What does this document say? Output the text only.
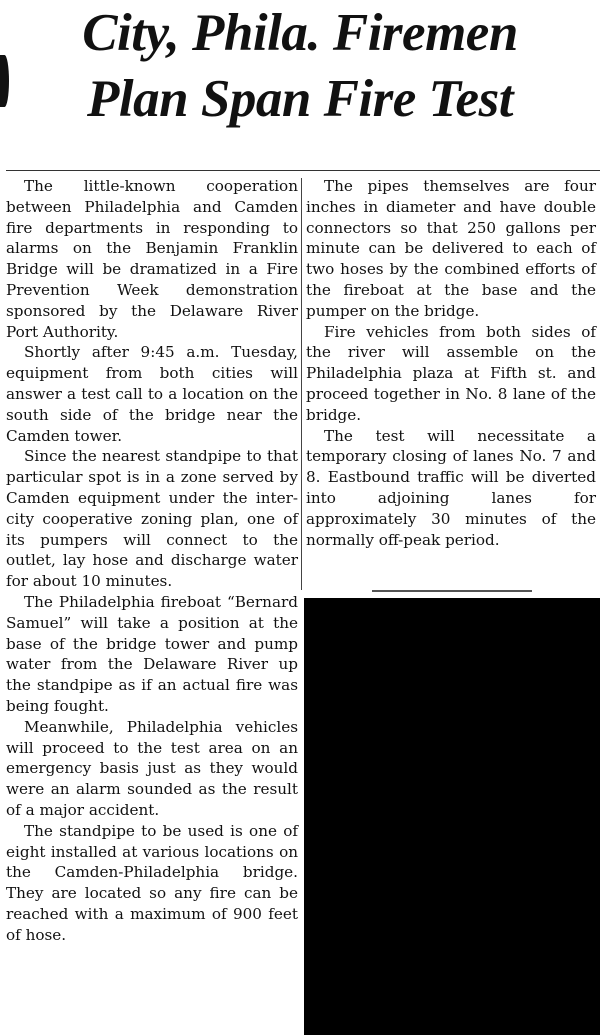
City, Phila. Firemen
Plan Span Fire Test

The little-known cooperation between Philadelphia and Camden fire departments in responding to alarms on the Benjamin Franklin Bridge will be dramatized in a Fire Prevention Week demonstration sponsored by the Delaware River Port Authority.

Shortly after 9:45 a.m. Tuesday, equipment from both cities will answer a test call to a location on the south side of the bridge near the Camden tower.

Since the nearest standpipe to that particular spot is in a zone served by Camden equipment under the inter-city cooperative zoning plan, one of its pumpers will connect to the outlet, lay hose and discharge water for about 10 minutes.

The Philadelphia fireboat “Bernard Samuel” will take a position at the base of the bridge tower and pump water from the Delaware River up the standpipe as if an actual fire was being fought.

Meanwhile, Philadelphia vehicles will proceed to the test area on an emergency basis just as they would were an alarm sounded as the result of a major accident.

The standpipe to be used is one of eight installed at various locations on the Camden-Philadelphia bridge. They are located so any fire can be reached with a maximum of 900 feet of hose.

The pipes themselves are four inches in diameter and have double connectors so that 250 gallons per minute can be delivered to each of two hoses by the combined efforts of the fireboat at the base and the pumper on the bridge.

Fire vehicles from both sides of the river will assemble on the Philadelphia plaza at Fifth st. and proceed together in No. 8 lane of the bridge.

The test will necessitate a temporary closing of lanes No. 7 and 8. Eastbound traffic will be diverted into adjoining lanes for approximately 30 minutes of the normally off-peak period.
